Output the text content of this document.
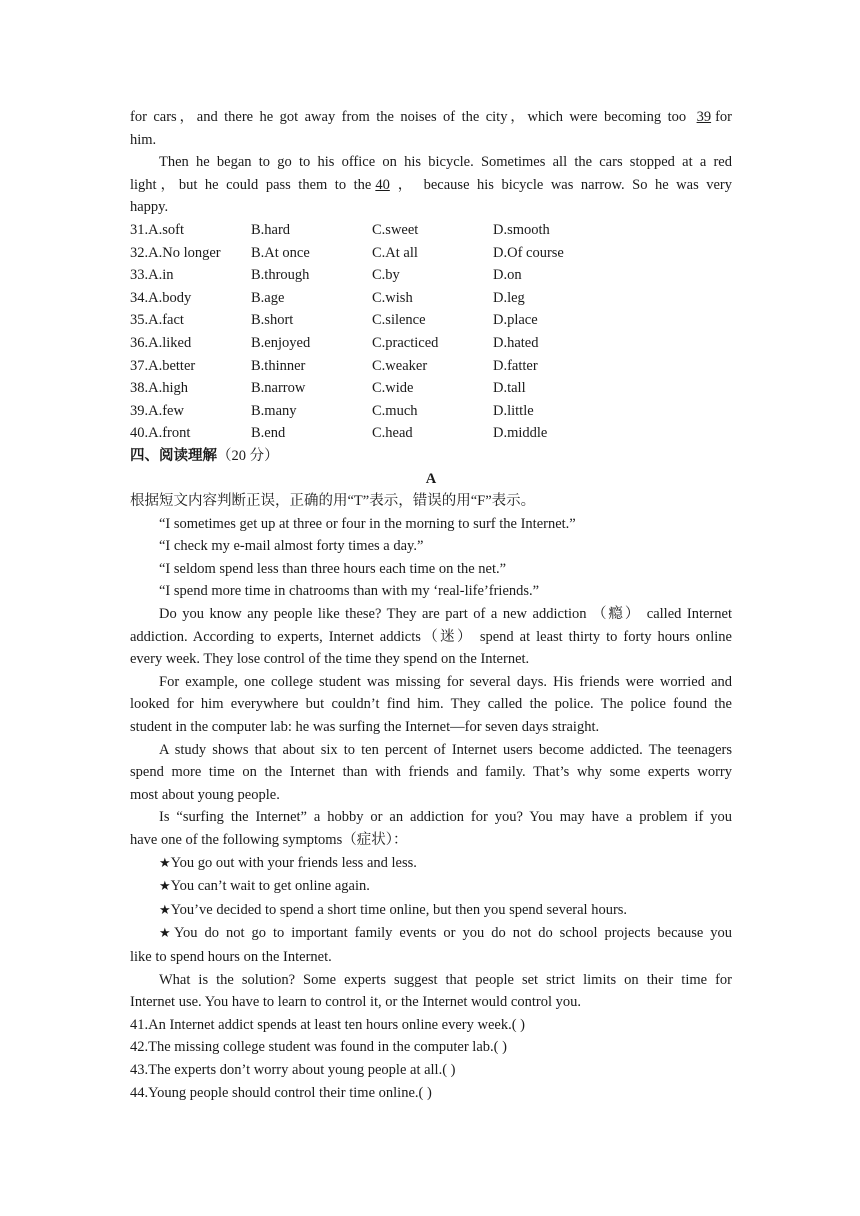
for cars，and there he got away from the noises of the city，which were becoming too 39 for

him.

Then he began to go to his office on his bicycle. Sometimes all the cars stopped at a red

light，but he could pass them to the 40 ， because his bicycle was narrow. So he was very

happy.

31.A.soft	B.hard	C.sweet	D.smooth
32.A.No longer	B.At once	C.At all	D.Of course
33.A.in	B.through	C.by	D.on
34.A.body	B.age	C.wish	D.leg
35.A.fact	B.short	C.silence	D.place
36.A.liked	B.enjoyed	C.practiced	D.hated
37.A.better	B.thinner	C.weaker	D.fatter
38.A.high	B.narrow	C.wide	D.tall
39.A.few	B.many	C.much	D.little
40.A.front	B.end	C.head	D.middle
四、阅读理解（20 分）
A

根据短文内容判断正误，正确的用“T”表示，错误的用“F”表示。

“I sometimes get up at three or four in the morning to surf the Internet.”

“I check my e-mail almost forty times a day.”

“I seldom spend less than three hours each time on the net.”

“I spend more time in chatrooms than with my ‘real-life’friends.”

Do you know any people like these? They are part of a new addiction （瘾） called Internet

addiction. According to experts, Internet addicts（迷） spend at least thirty to forty hours online

every week. They lose control of the time they spend on the Internet.

For example, one college student was missing for several days. His friends were worried and

looked for him everywhere but couldn’t find him. They called the police. The police found the

student in the computer lab: he was surfing the Internet—for seven days straight.

A study shows that about six to ten percent of Internet users become addicted. The teenagers

spend more time on the Internet than with friends and family. That’s why some experts worry

most about young people.

Is “surfing the Internet” a hobby or an addiction for you? You may have a problem if you

have one of the following symptoms（症状）：

★You go out with your friends less and less.

★You can’t wait to get online again.

★You’ve decided to spend a short time online, but then you spend several hours.

★You do not go to important family events or you do not do school projects because you

like to spend hours on the Internet.

What is the solution? Some experts suggest that people set strict limits on their time for

Internet use. You have to learn to control it, or the Internet would control you.

41.An Internet addict spends at least ten hours online every week.( )

42.The missing college student was found in the computer lab.( )

43.The experts don’t worry about young people at all.( )

44.Young people should control their time online.( )
